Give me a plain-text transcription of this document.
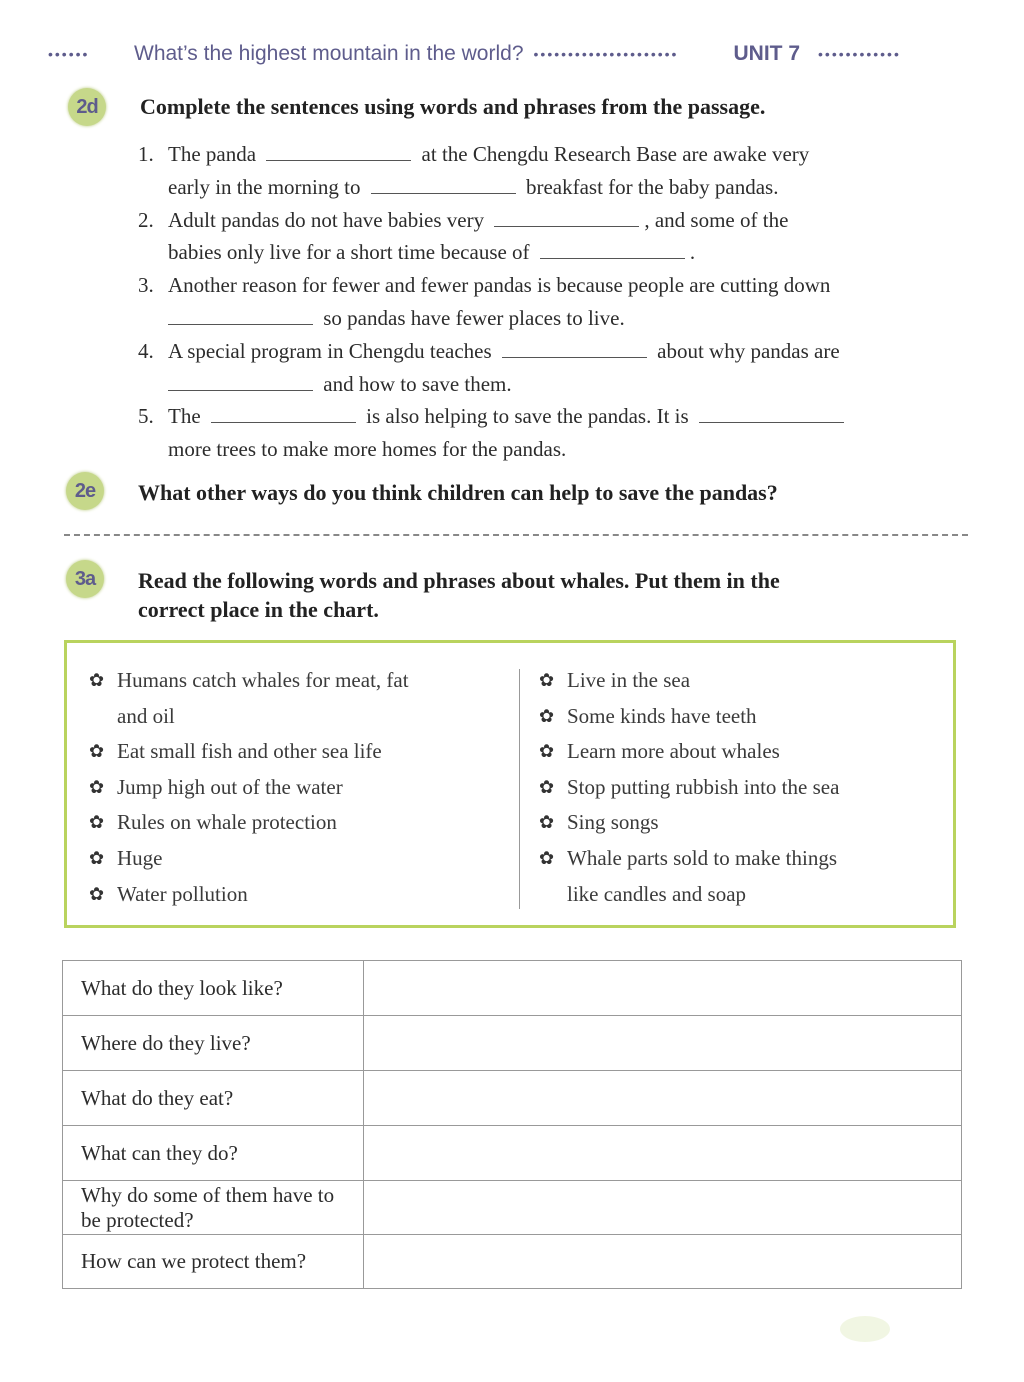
••••••	What’s the highest mountain in the world? •••••••••••••••••••••	UNIT 7 ••••••••••••
2d	Complete the sentences using words and phrases from the passage.
1. The panda	at the Chengdu Research Base are awake very
early in the morning to	breakfast for the baby pandas.
2. Adult pandas do not have babies very	, and some of the
babies only live for a short time because of	.
3. Another reason for fewer and fewer pandas is because people are cutting down
so pandas have fewer places to live.
4. A special program in Chengdu teaches	about why pandas are
and how to save them.
5. The	is also helping to save the pandas. It is
more trees to make more homes for the pandas.
2e	What other ways do you think children can help to save the pandas?
3a	Read the following words and phrases about whales. Put them in the
correct place in the chart.
✿ Humans catch whales for meat, fat
and oil
✿ Eat small fish and other sea life
✿ Jump high out of the water
✿ Rules on whale protection
✿ Huge
✿ Water pollution
✿ Live in the sea
✿ Some kinds have teeth
✿ Learn more about whales
✿ Stop putting rubbish into the sea
✿ Sing songs
✿ Whale parts sold to make things
like candles and soap
What do they look like?	
Where do they live?	
What do they eat?	
What can they do?	
Why do some of them have to be protected?	
How can we protect them?	
